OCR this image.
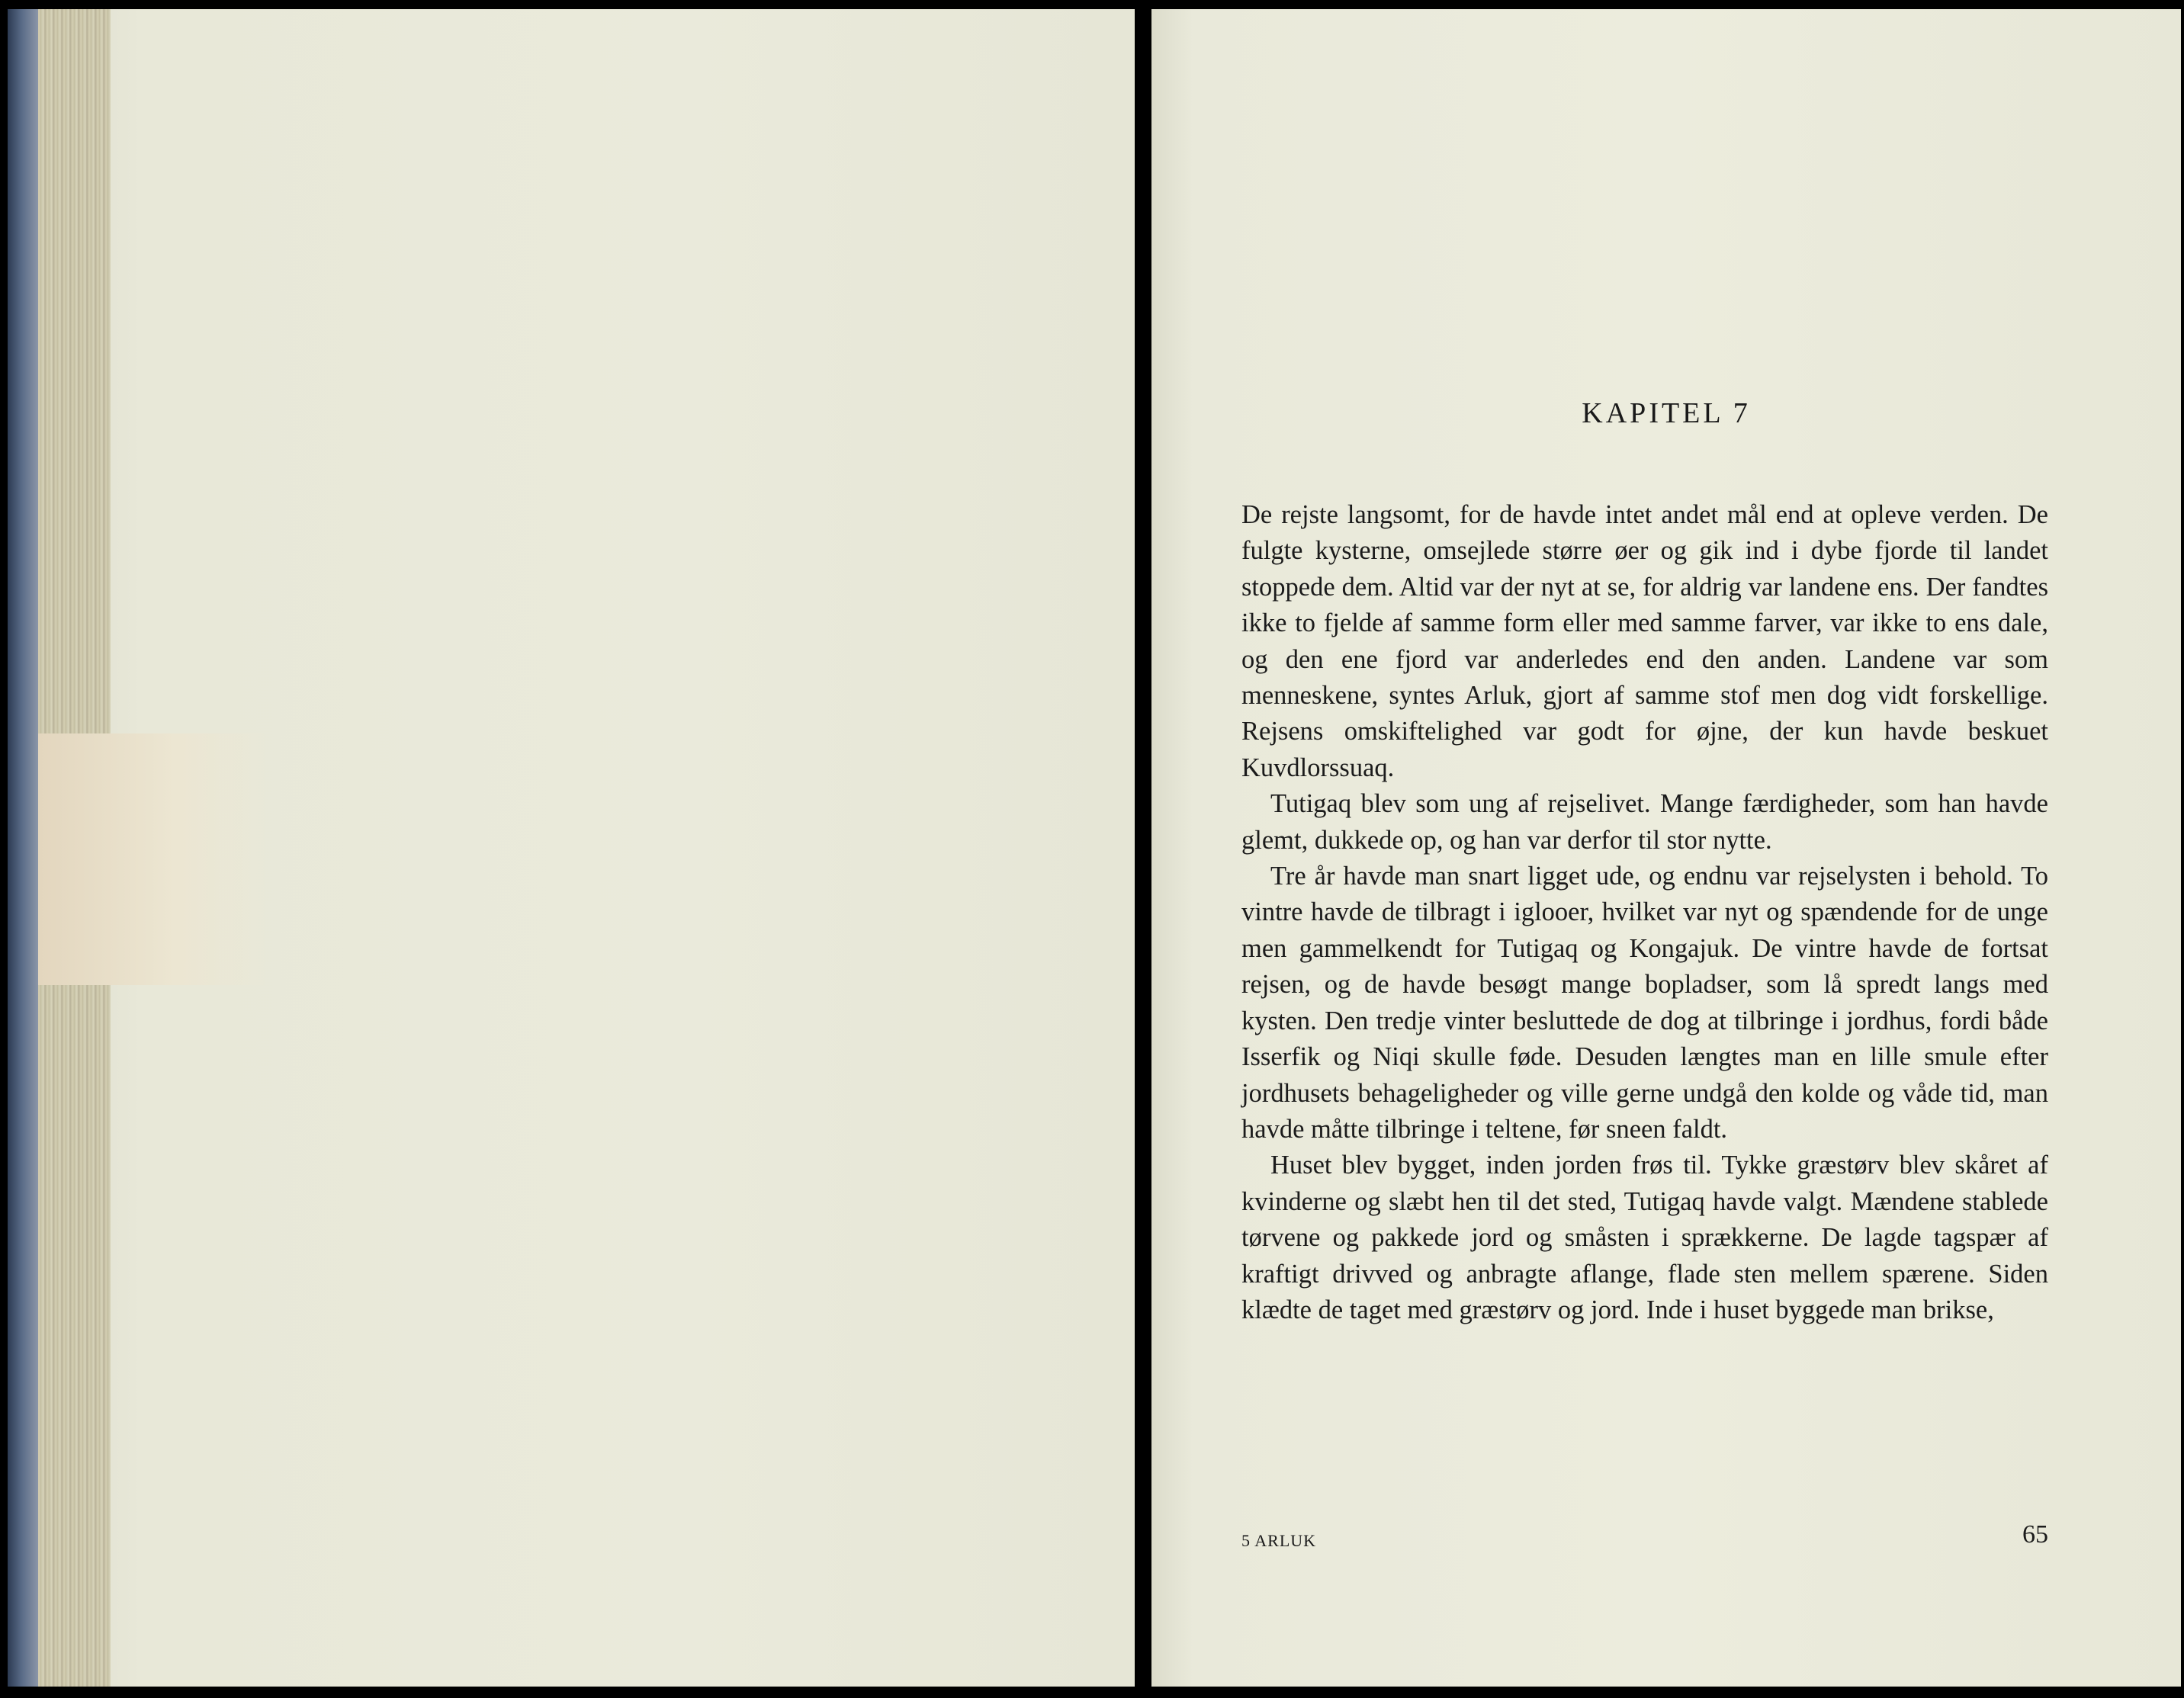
KAPITEL 7

De rejste langsomt, for de havde intet andet mål end at opleve verden. De fulgte kysterne, omsejlede større øer og gik ind i dybe fjorde til landet stoppede dem. Altid var der nyt at se, for aldrig var landene ens. Der fandtes ikke to fjelde af samme form eller med samme farver, var ikke to ens dale, og den ene fjord var anderledes end den anden. Landene var som menneskene, syntes Arluk, gjort af samme stof men dog vidt forskellige. Rejsens omskiftelighed var godt for øjne, der kun havde beskuet Kuvdlorssuaq.

Tutigaq blev som ung af rejselivet. Mange færdigheder, som han havde glemt, dukkede op, og han var derfor til stor nytte.

Tre år havde man snart ligget ude, og endnu var rejselysten i behold. To vintre havde de tilbragt i iglooer, hvilket var nyt og spændende for de unge men gammelkendt for Tutigaq og Kongajuk. De vintre havde de fortsat rejsen, og de havde besøgt mange bopladser, som lå spredt langs med kysten. Den tredje vinter besluttede de dog at tilbringe i jordhus, fordi både Isserfik og Niqi skulle føde. Desuden længtes man en lille smule efter jordhusets behageligheder og ville gerne undgå den kolde og våde tid, man havde måtte tilbringe i teltene, før sneen faldt.

Huset blev bygget, inden jorden frøs til. Tykke græstørv blev skåret af kvinderne og slæbt hen til det sted, Tutigaq havde valgt. Mændene stablede tørvene og pakkede jord og småsten i sprækkerne. De lagde tagspær af kraftigt drivved og anbragte aflange, flade sten mellem spærene. Siden klædte de taget med græstørv og jord. Inde i huset byggede man brikse,

5 ARLUK	65
